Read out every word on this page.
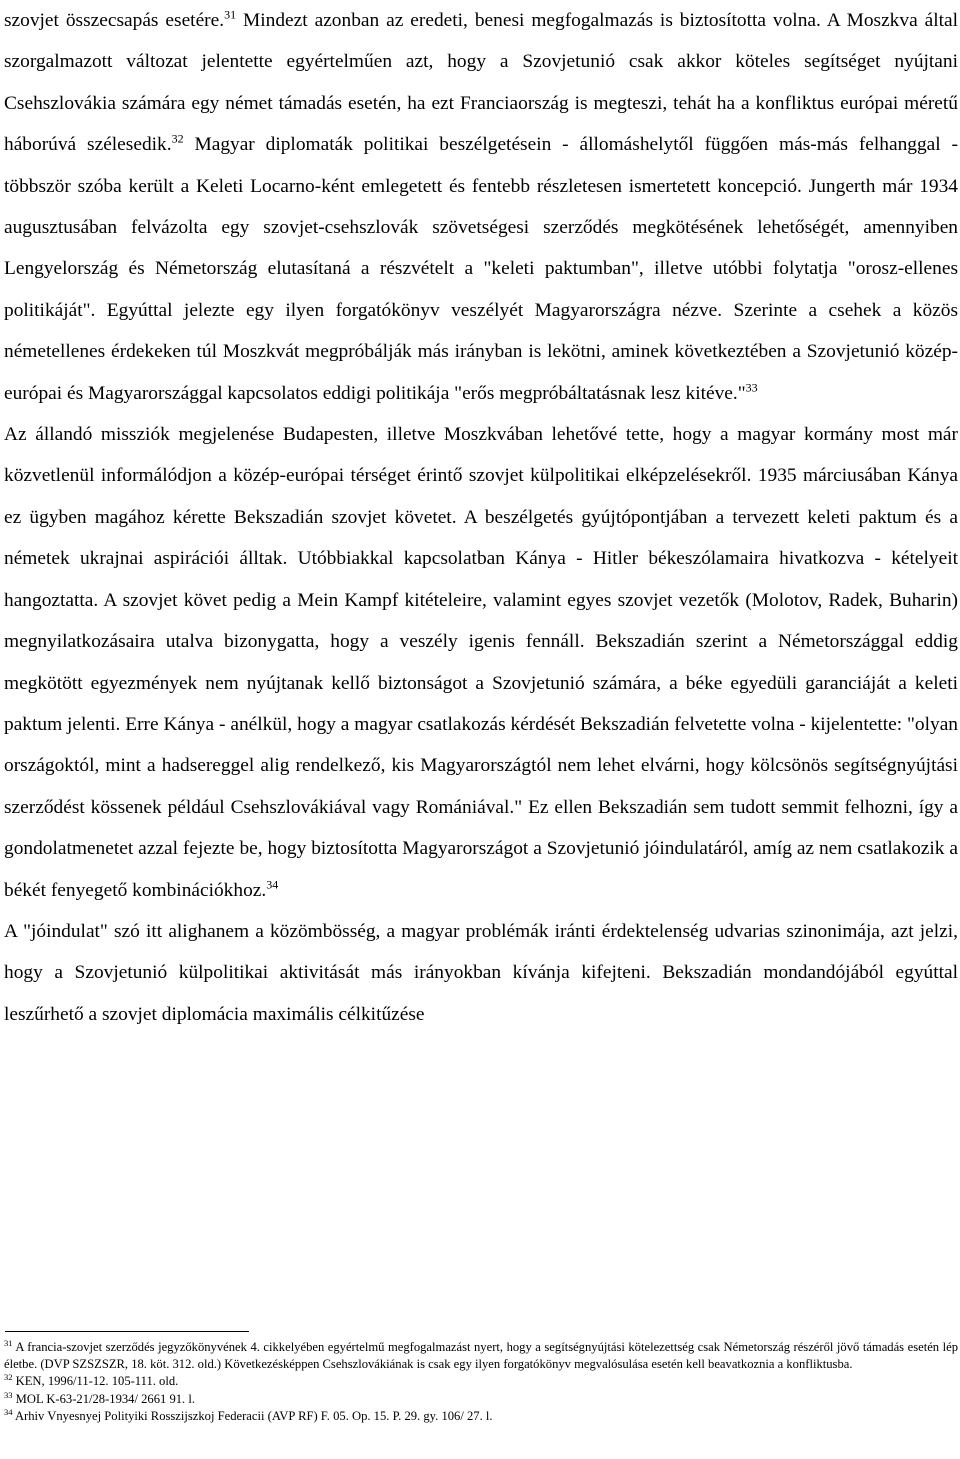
szovjet összecsapás esetére.$^{31}$ Mindezt azonban az eredeti, benesi megfogalmazás is biztosította volna. A Moszkva által szorgalmazott változat jelentette egyértelműen azt, hogy a Szovjetunió csak akkor köteles segítséget nyújtani Csehszlovákia számára egy német támadás esetén, ha ezt Franciaország is megteszi, tehát ha a konfliktus európai méretű háborúvá szélesedik.$^{32}$ Magyar diplomaták politikai beszélgetésein - állomáshelytől függően más-más felhanggal - többször szóba került a Keleti Locarno-ként emlegetett és fentebb részletesen ismertetett koncepció. Jungerth már 1934 augusztusában felvázolta egy szovjet-csehszlovák szövetségesi szerződés megkötésének lehetőségét, amennyiben Lengyelország és Németország elutasítaná a részvételt a "keleti paktumban", illetve utóbbi folytatja "orosz-ellenes politikáját". Egyúttal jelezte egy ilyen forgatókönyv veszélyét Magyarországra nézve. Szerinte a csehek a közös németellenes érdekeken túl Moszkvát megpróbálják más irányban is lekötni, aminek következtében a Szovjetunió közép-európai és Magyarországgal kapcsolatos eddigi politikája "erős megpróbáltatásnak lesz kitéve."$^{33}$

Az állandó missziók megjelenése Budapesten, illetve Moszkvában lehetővé tette, hogy a magyar kormány most már közvetlenül informálódjon a közép-európai térséget érintő szovjet külpolitikai elképzelésekről. 1935 márciusában Kánya ez ügyben magához kérette Bekszadián szovjet követet. A beszélgetés gyújtópontjában a tervezett keleti paktum és a németek ukrajnai aspirációi álltak. Utóbbiakkal kapcsolatban Kánya - Hitler békeszólamaira hivatkozva - kételyeit hangoztatta. A szovjet követ pedig a Mein Kampf kitételeire, valamint egyes szovjet vezetők (Molotov, Radek, Buharin) megnyilatkozásaira utalva bizonygatta, hogy a veszély igenis fennáll. Bekszadián szerint a Németországgal eddig megkötött egyezmények nem nyújtanak kellő biztonságot a Szovjetunió számára, a béke egyedüli garanciáját a keleti paktum jelenti. Erre Kánya - anélkül, hogy a magyar csatlakozás kérdését Bekszadián felvetette volna - kijelentette: "olyan országoktól, mint a hadsereggel alig rendelkező, kis Magyarországtól nem lehet elvárni, hogy kölcsönös segítségnyújtási szerződést kössenek például Csehszlovákiával vagy Romániával." Ez ellen Bekszadián sem tudott semmit felhozni, így a gondolatmenetet azzal fejezte be, hogy biztosította Magyarországot a Szovjetunió jóindulatáról, amíg az nem csatlakozik a békét fenyegető kombinációkhoz.$^{34}$

A "jóindulat" szó itt alighanem a közömbösség, a magyar problémák iránti érdektelenség udvarias szinonimája, azt jelzi, hogy a Szovjetunió külpolitikai aktivitását más irányokban kívánja kifejteni. Bekszadián mondandójából egyúttal leszűrhető a szovjet diplomácia maximális célkitűzése

$^{31}$ A francia-szovjet szerződés jegyzőkönyvének 4. cikkelyében egyértelmű megfogalmazást nyert, hogy a segítségnyújtási kötelezettség csak Németország részéről jövő támadás esetén lép életbe. (DVP SZSZSZR, 18. köt. 312. old.) Következésképpen Csehszlovákiának is csak egy ilyen forgatókönyv megvalósulása esetén kell beavatkoznia a konfliktusba.

$^{32}$ KEN, 1996/11-12. 105-111. old.

$^{33}$ MOL K-63-21/28-1934/ 2661 91. l.

$^{34}$ Arhiv Vnyesnyej Polityiki Rosszijszkoj Federacii (AVP RF) F. 05. Op. 15. P. 29. gy. 106/ 27. l.
